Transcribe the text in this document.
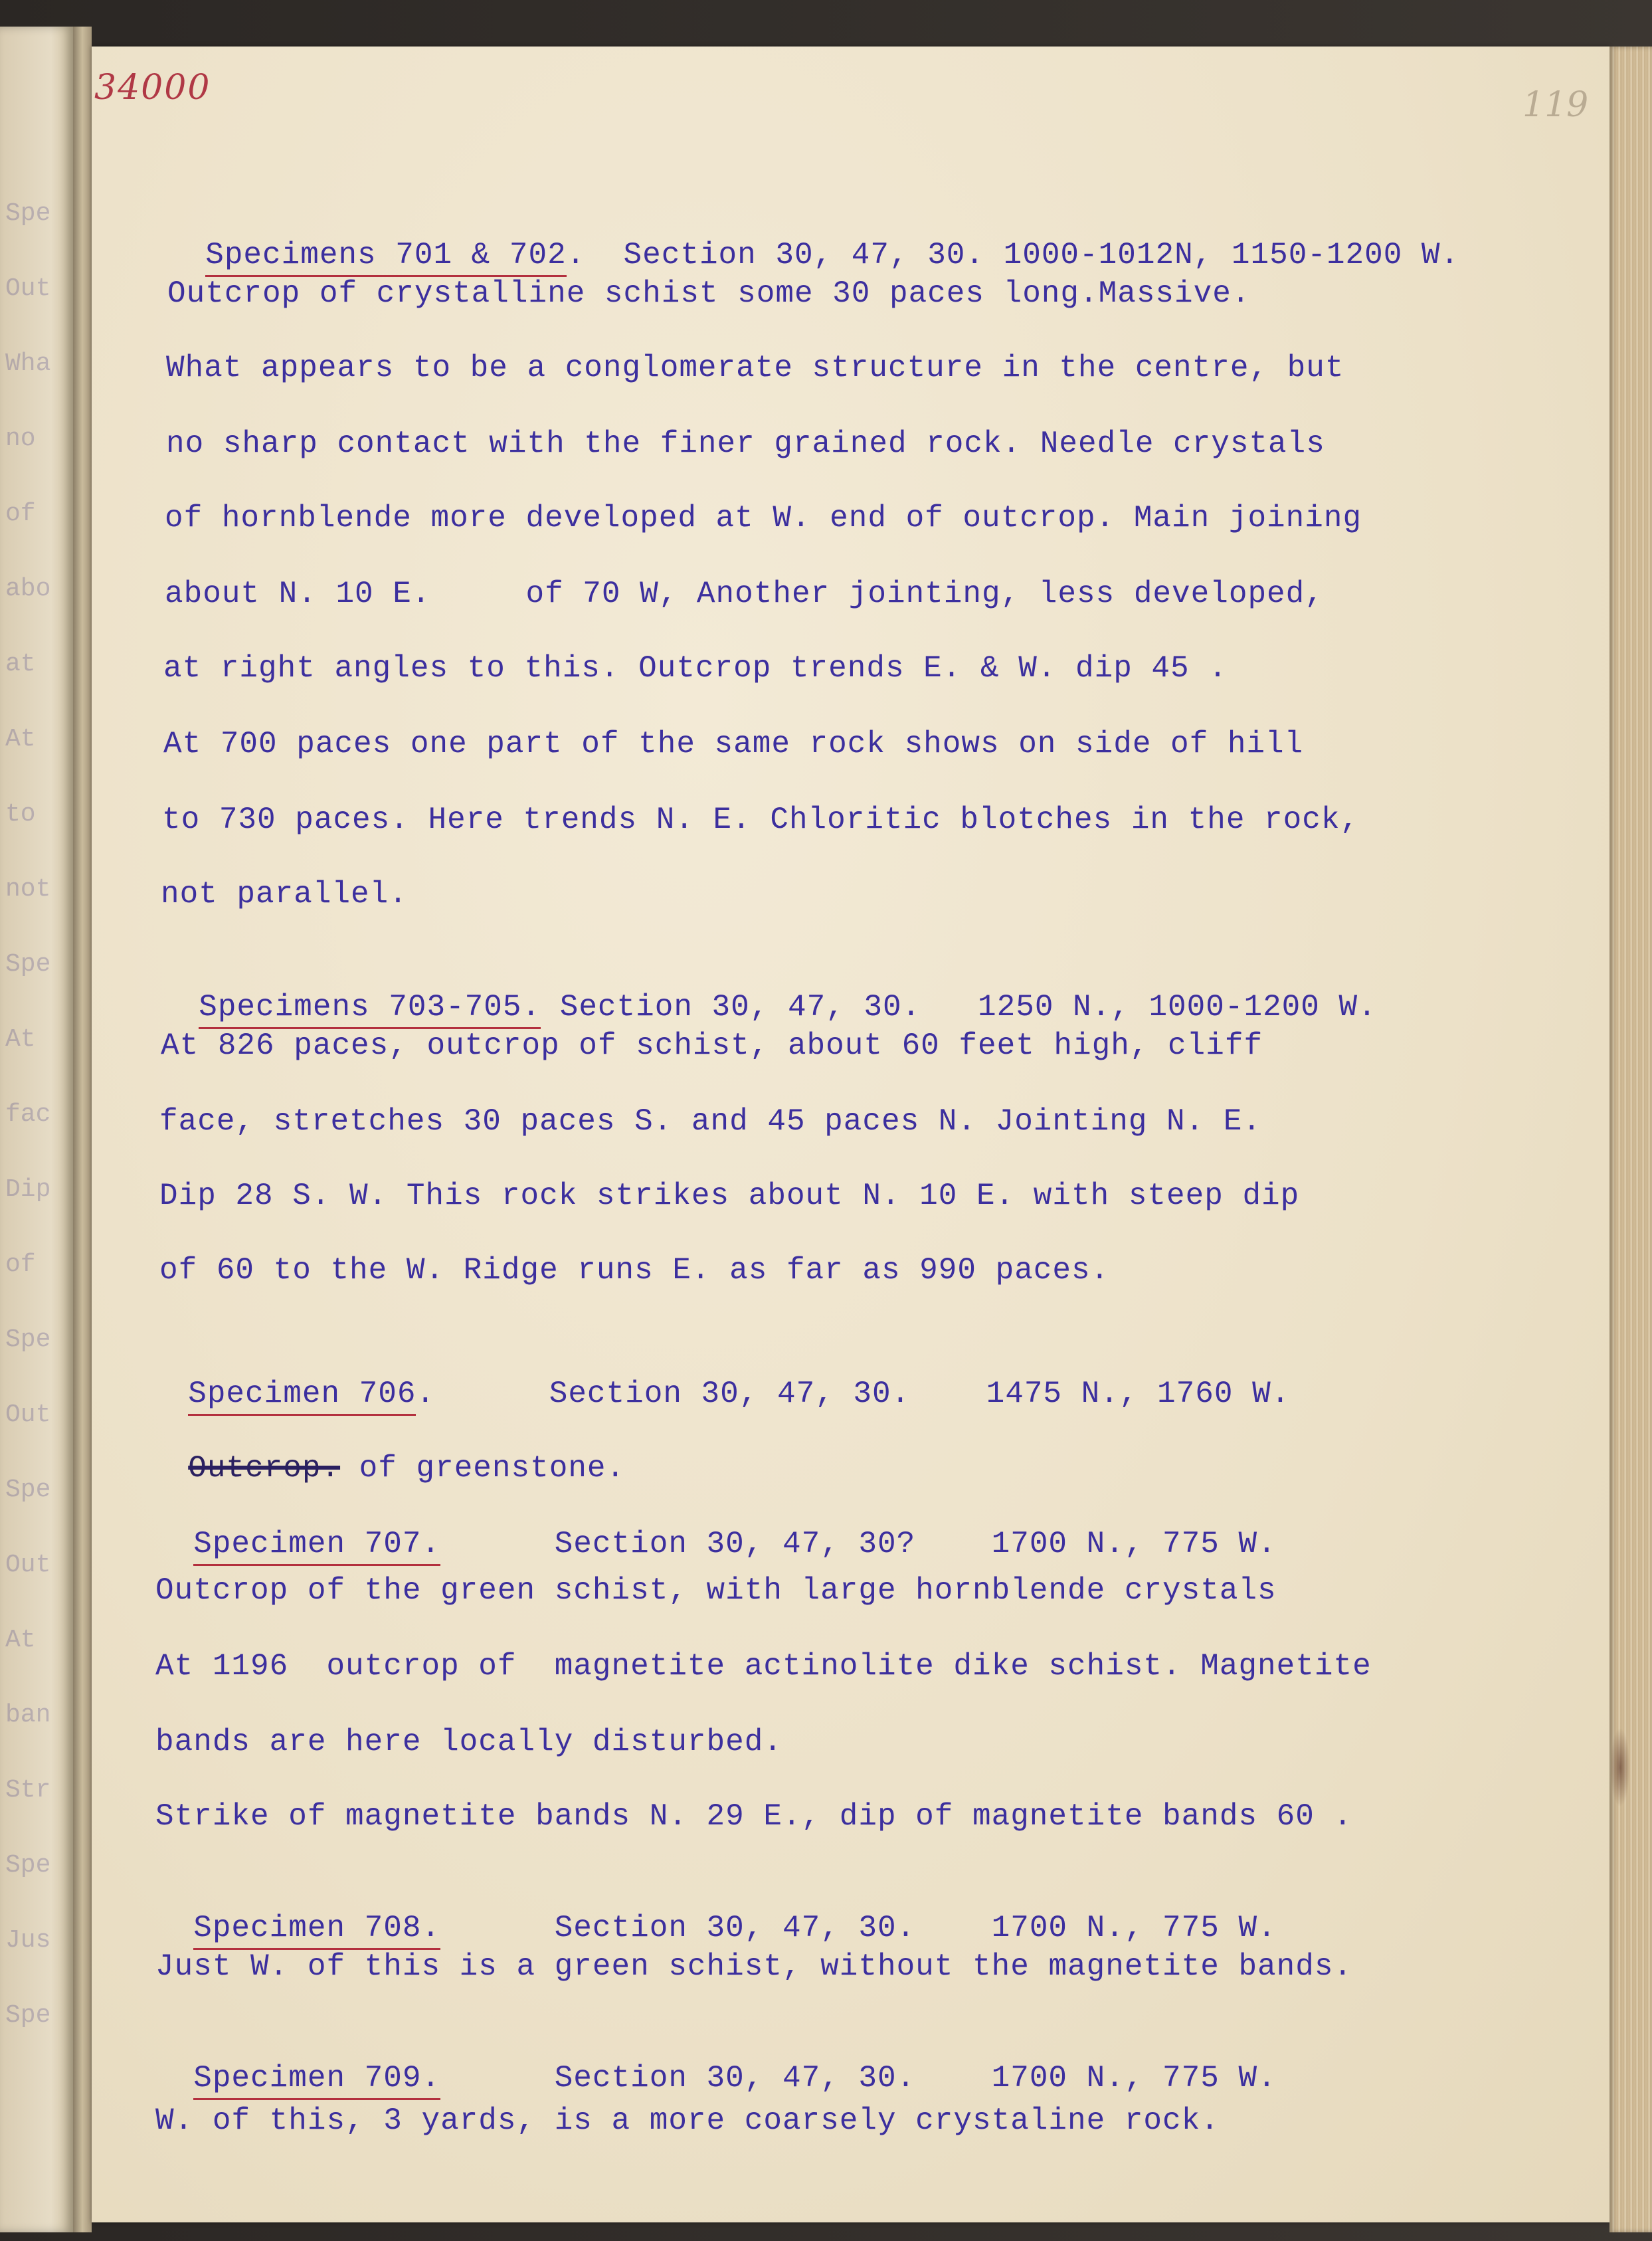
Spe
Out
Wha
no
of
abo
at
At
to
not
Spe
At
fac
Dip
of
Spe
Out
Spe
Out
At
ban
Str
Spe
Jus
Spe
34000	119

Specimens 701 & 702.  Section 30, 47, 30. 1000-1012N, 1150-1200 W.

Outcrop of crystalline schist some 30 paces long.Massive.
What appears to be a conglomerate structure in the centre, but
no sharp contact with the finer grained rock. Needle crystals
of hornblende more developed at W. end of outcrop. Main joining
about N. 10 E.     of 70 W, Another jointing, less developed,
at right angles to this. Outcrop trends E. & W. dip 45 .
At 700 paces one part of the same rock shows on side of hill
to 730 paces. Here trends N. E. Chloritic blotches in the rock,
not parallel.

Specimens 703-705. Section 30, 47, 30.   1250 N., 1000-1200 W.

At 826 paces, outcrop of schist, about 60 feet high, cliff
face, stretches 30 paces S. and 45 paces N. Jointing N. E.
Dip 28 S. W. This rock strikes about N. 10 E. with steep dip
of 60 to the W. Ridge runs E. as far as 990 paces.

Specimen 706.      Section 30, 47, 30.    1475 N., 1760 W.

Outcrop. of greenstone.

Specimen 707.      Section 30, 47, 30?    1700 N., 775 W.

Outcrop of the green schist, with large hornblende crystals
At 1196  outcrop of  magnetite actinolite dike schist. Magnetite
bands are here locally disturbed.
Strike of magnetite bands N. 29 E., dip of magnetite bands 60 .

Specimen 708.      Section 30, 47, 30.    1700 N., 775 W.

Just W. of this is a green schist, without the magnetite bands.

Specimen 709.      Section 30, 47, 30.    1700 N., 775 W.

W. of this, 3 yards, is a more coarsely crystaline rock.
